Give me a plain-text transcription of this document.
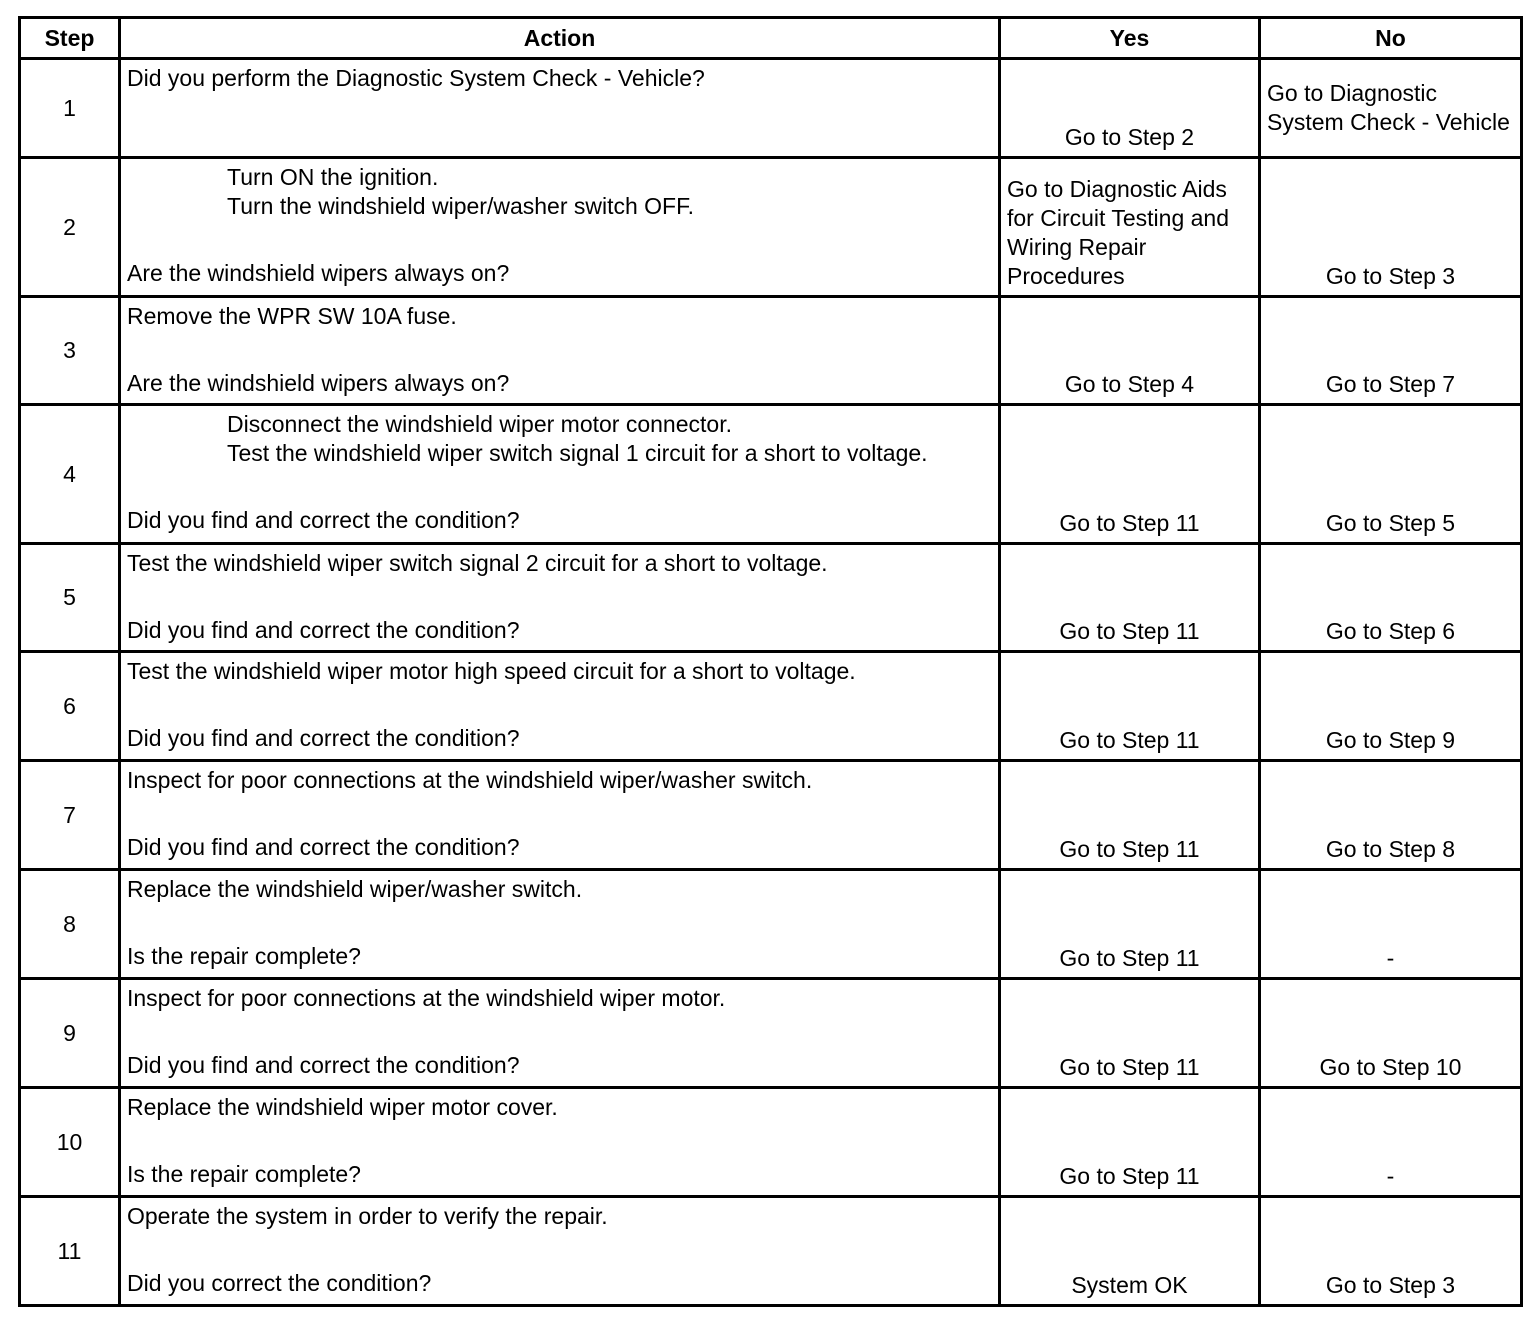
Step	Action	Yes	No
1	Did you perform the Diagnostic System Check - Vehicle?	Go to Step 2	Go to Diagnostic System Check - Vehicle
2	Turn ON the ignition.
Turn the windshield wiper/washer switch OFF.
Are the windshield wipers always on?	Go to Diagnostic Aids for Circuit Testing and Wiring Repair Procedures	Go to Step 3
3	Remove the WPR SW 10A fuse.
Are the windshield wipers always on?	Go to Step 4	Go to Step 7
4	Disconnect the windshield wiper motor connector.
Test the windshield wiper switch signal 1 circuit for a short to voltage.
Did you find and correct the condition?	Go to Step 11	Go to Step 5
5	Test the windshield wiper switch signal 2 circuit for a short to voltage.
Did you find and correct the condition?	Go to Step 11	Go to Step 6
6	Test the windshield wiper motor high speed circuit for a short to voltage.
Did you find and correct the condition?	Go to Step 11	Go to Step 9
7	Inspect for poor connections at the windshield wiper/washer switch.
Did you find and correct the condition?	Go to Step 11	Go to Step 8
8	Replace the windshield wiper/washer switch.
Is the repair complete?	Go to Step 11	-
9	Inspect for poor connections at the windshield wiper motor.
Did you find and correct the condition?	Go to Step 11	Go to Step 10
10	Replace the windshield wiper motor cover.
Is the repair complete?	Go to Step 11	-
11	Operate the system in order to verify the repair.
Did you correct the condition?	System OK	Go to Step 3
